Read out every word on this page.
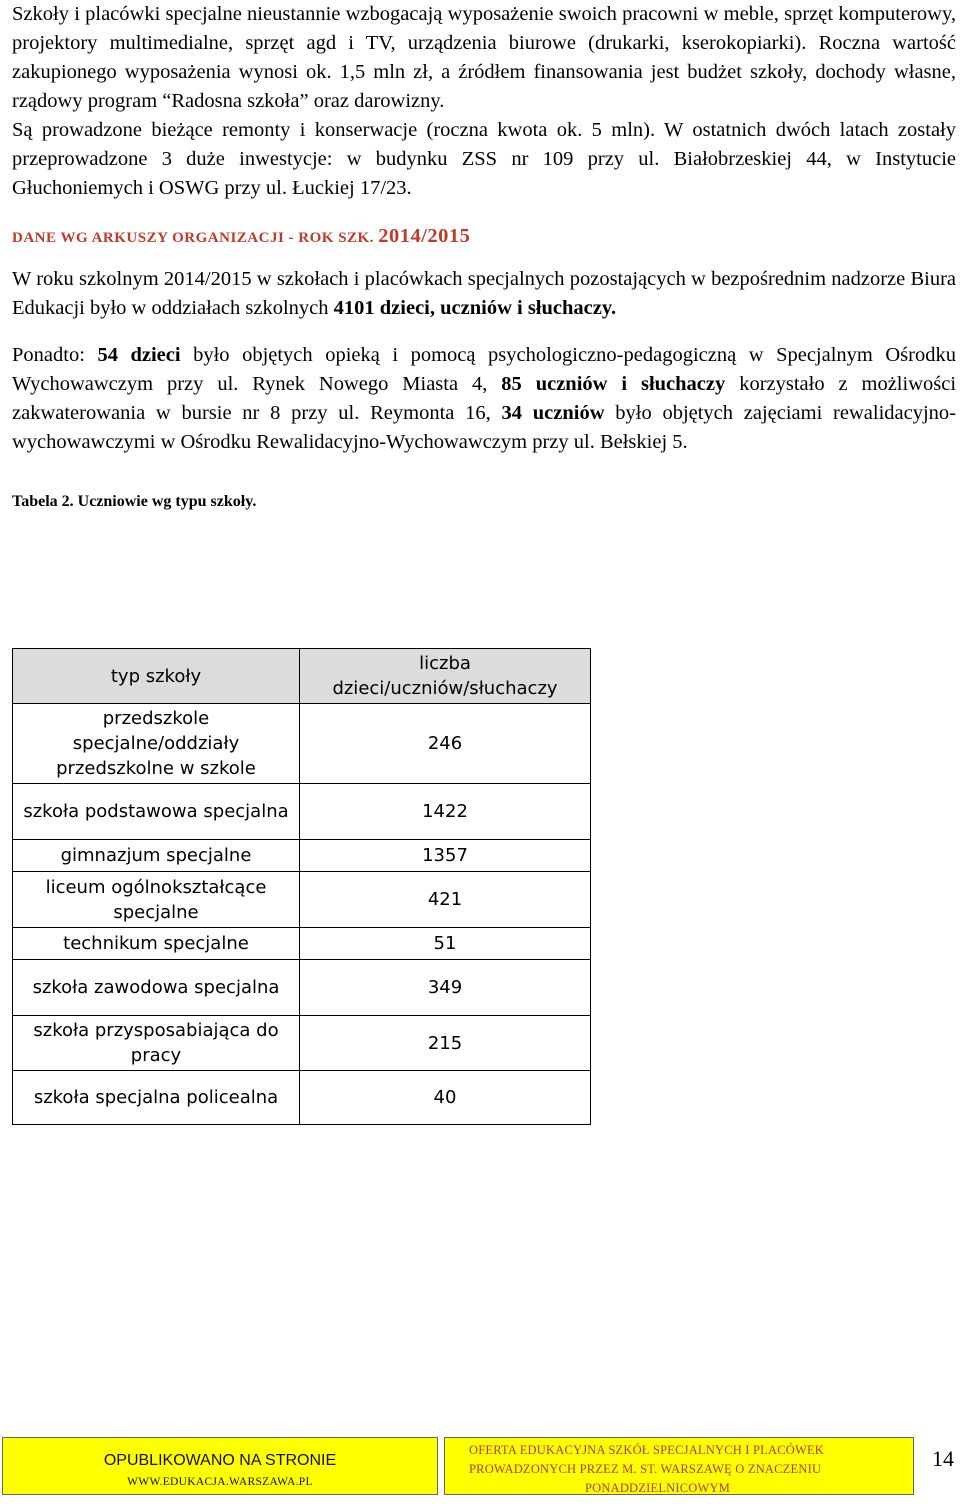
Szkoły i placówki specjalne nieustannie wzbogacają wyposażenie swoich pracowni w meble, sprzęt komputerowy, projektory multimedialne, sprzęt agd i TV, urządzenia biurowe (drukarki, kserokopiarki). Roczna wartość zakupionego wyposażenia wynosi ok. 1,5 mln zł, a źródłem finansowania jest budżet szkoły, dochody własne, rządowy program “Radosna szkoła” oraz darowizny.

Są prowadzone bieżące remonty i konserwacje (roczna kwota ok. 5 mln). W ostatnich dwóch latach zostały przeprowadzone 3 duże inwestycje: w budynku ZSS nr 109 przy ul. Białobrzeskiej 44, w Instytucie Głuchoniemych i OSWG przy ul. Łuckiej 17/23.

DANE WG ARKUSZY ORGANIZACJI - ROK SZK. 2014/2015

W roku szkolnym 2014/2015 w szkołach i placówkach specjalnych pozostających w bezpośrednim nadzorze Biura Edukacji było w oddziałach szkolnych 4101 dzieci, uczniów i słuchaczy.

Ponadto: 54 dzieci było objętych opieką i pomocą psychologiczno-pedagogiczną w Specjalnym Ośrodku Wychowawczym przy ul. Rynek Nowego Miasta 4, 85 uczniów i słuchaczy korzystało z możliwości zakwaterowania w bursie nr 8 przy ul. Reymonta 16, 34 uczniów było objętych zajęciami rewalidacyjno-wychowawczymi w Ośrodku Rewalidacyjno-Wychowawczym przy ul. Bełskiej 5.

Tabela 2. Uczniowie wg typu szkoły.
typ szkoły	liczba dzieci/uczniów/słuchaczy
przedszkole specjalne/oddziały przedszkolne w szkole	246
szkoła podstawowa specjalna	1422
gimnazjum specjalne	1357
liceum ogólnokształcące specjalne	421
technikum specjalne	51
szkoła zawodowa specjalna	349
szkoła przysposabiająca do pracy	215
szkoła specjalna policealna	40
OPUBLIKOWANO NA STRONIE
WWW.EDUKACJA.WARSZAWA.PL
OFERTA EDUKACYJNA SZKÓŁ SPECJALNYCH I PLACÓWEK
PROWADZONYCH PRZEZ M. ST. WARSZAWĘ O ZNACZENIU
PONADDZIELNICOWYM
14
